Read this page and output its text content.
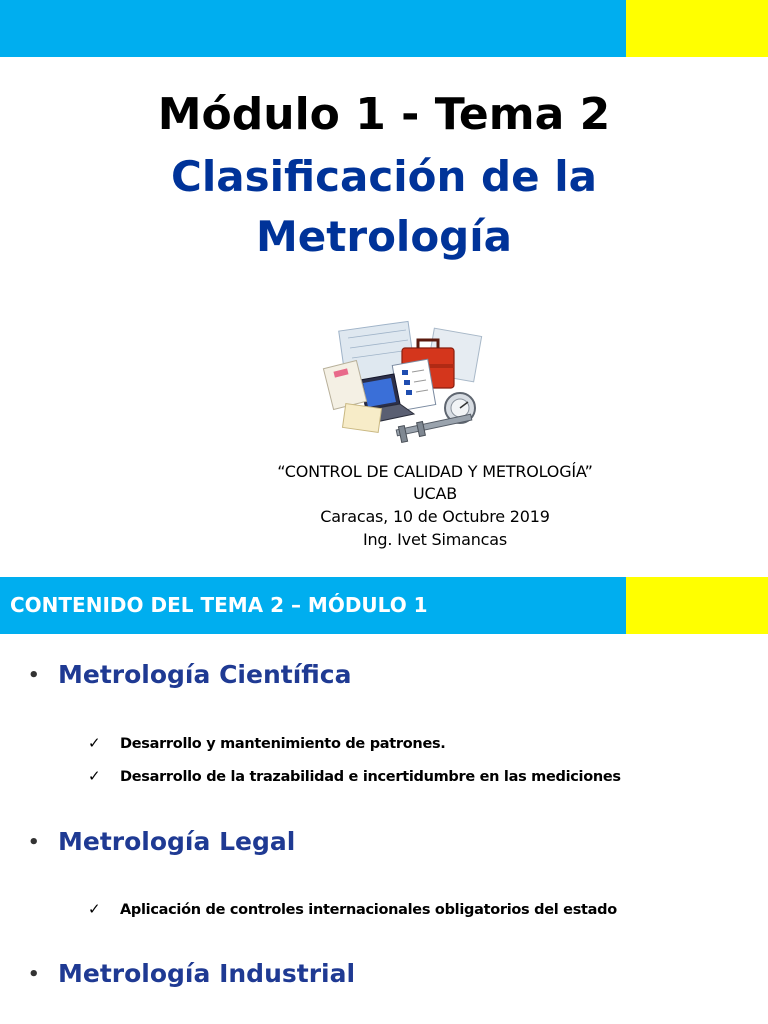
Módulo 1 - Tema 2
Clasificación de la
Metrología
“CONTROL DE CALIDAD Y METROLOGÍA”
UCAB
Caracas, 10 de Octubre 2019
Ing. Ivet Simancas
CONTENIDO DEL TEMA 2 – MÓDULO 1
• Metrología Científica
✓ Desarrollo y mantenimiento de patrones.
✓ Desarrollo de la trazabilidad e incertidumbre en las mediciones
• Metrología Legal
✓ Aplicación de controles internacionales obligatorios del estado
• Metrología Industrial
